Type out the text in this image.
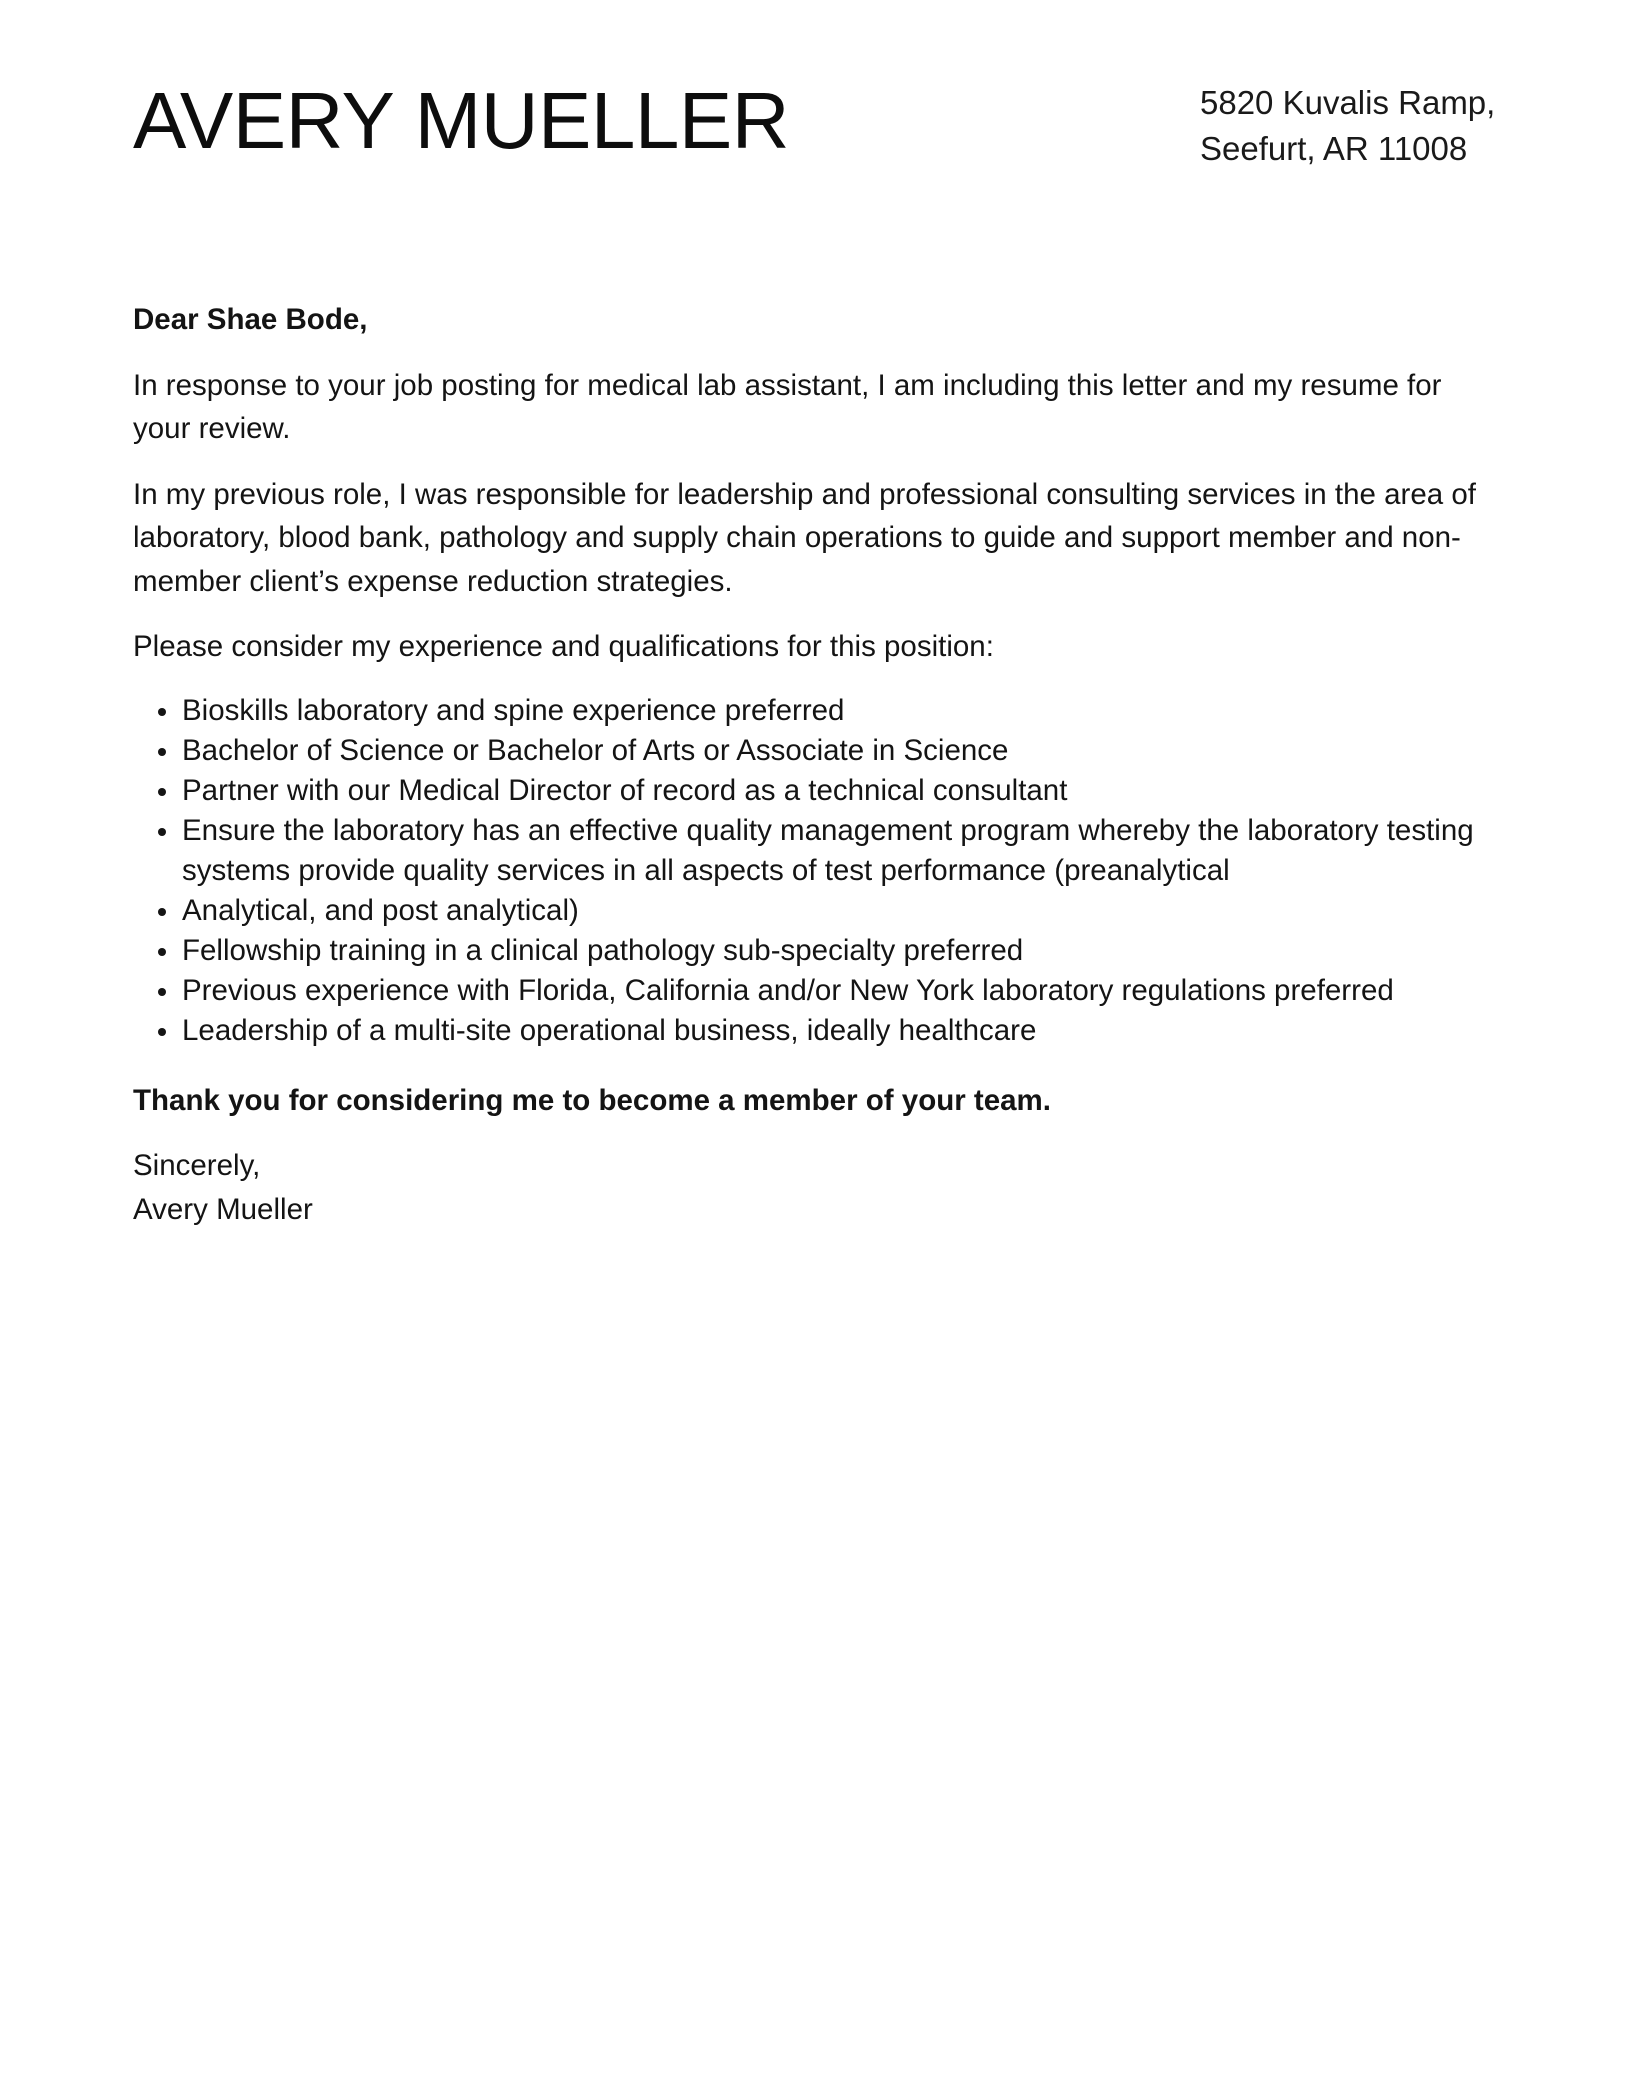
AVERY MUELLER	5820 Kuvalis Ramp,
Seefurt, AR 11008

Dear Shae Bode,

In response to your job posting for medical lab assistant, I am including this letter and my resume for your review.

In my previous role, I was responsible for leadership and professional consulting services in the area of laboratory, blood bank, pathology and supply chain operations to guide and support member and non-member client’s expense reduction strategies.

Please consider my experience and qualifications for this position:

Bioskills laboratory and spine experience preferred
Bachelor of Science or Bachelor of Arts or Associate in Science
Partner with our Medical Director of record as a technical consultant
Ensure the laboratory has an effective quality management program whereby the laboratory testing systems provide quality services in all aspects of test performance (preanalytical
Analytical, and post analytical)
Fellowship training in a clinical pathology sub-specialty preferred
Previous experience with Florida, California and/or New York laboratory regulations preferred
Leadership of a multi-site operational business, ideally healthcare

Thank you for considering me to become a member of your team.

Sincerely,

Avery Mueller
